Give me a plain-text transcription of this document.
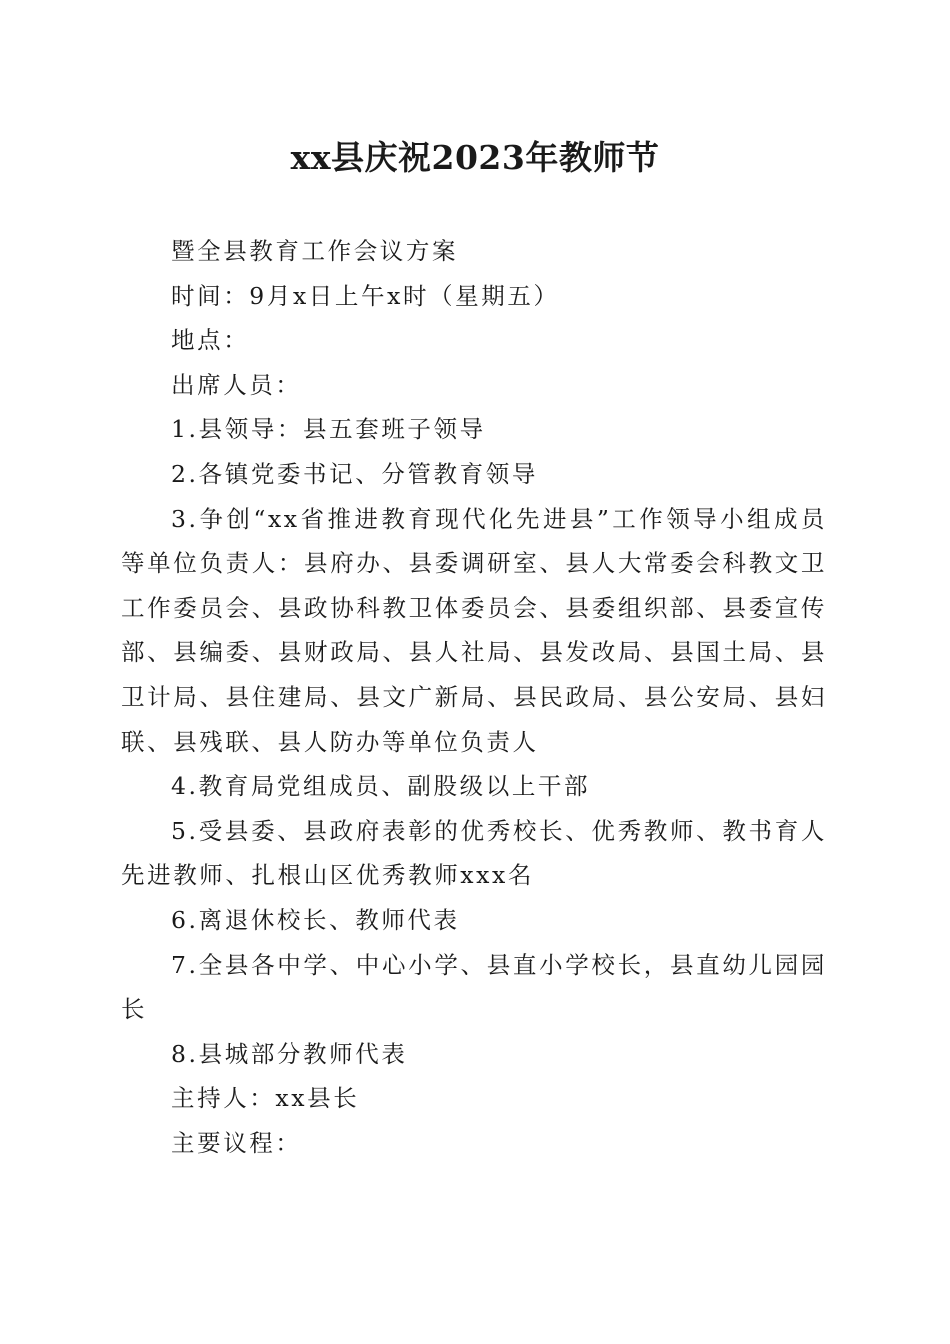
xx县庆祝2023年教师节

暨全县教育工作会议方案

时间：9月x日上午x时（星期五）

地点：

出席人员：

1.县领导：县五套班子领导

2.各镇党委书记、分管教育领导

3.争创“xx省推进教育现代化先进县”工作领导小组成员等单位负责人：县府办、县委调研室、县人大常委会科教文卫工作委员会、县政协科教卫体委员会、县委组织部、县委宣传部、县编委、县财政局、县人社局、县发改局、县国土局、县卫计局、县住建局、县文广新局、县民政局、县公安局、县妇联、县残联、县人防办等单位负责人

4.教育局党组成员、副股级以上干部

5.受县委、县政府表彰的优秀校长、优秀教师、教书育人先进教师、扎根山区优秀教师xxx名

6.离退休校长、教师代表

7.全县各中学、中心小学、县直小学校长，县直幼儿园园长

8.县城部分教师代表

主持人：xx县长

主要议程：
